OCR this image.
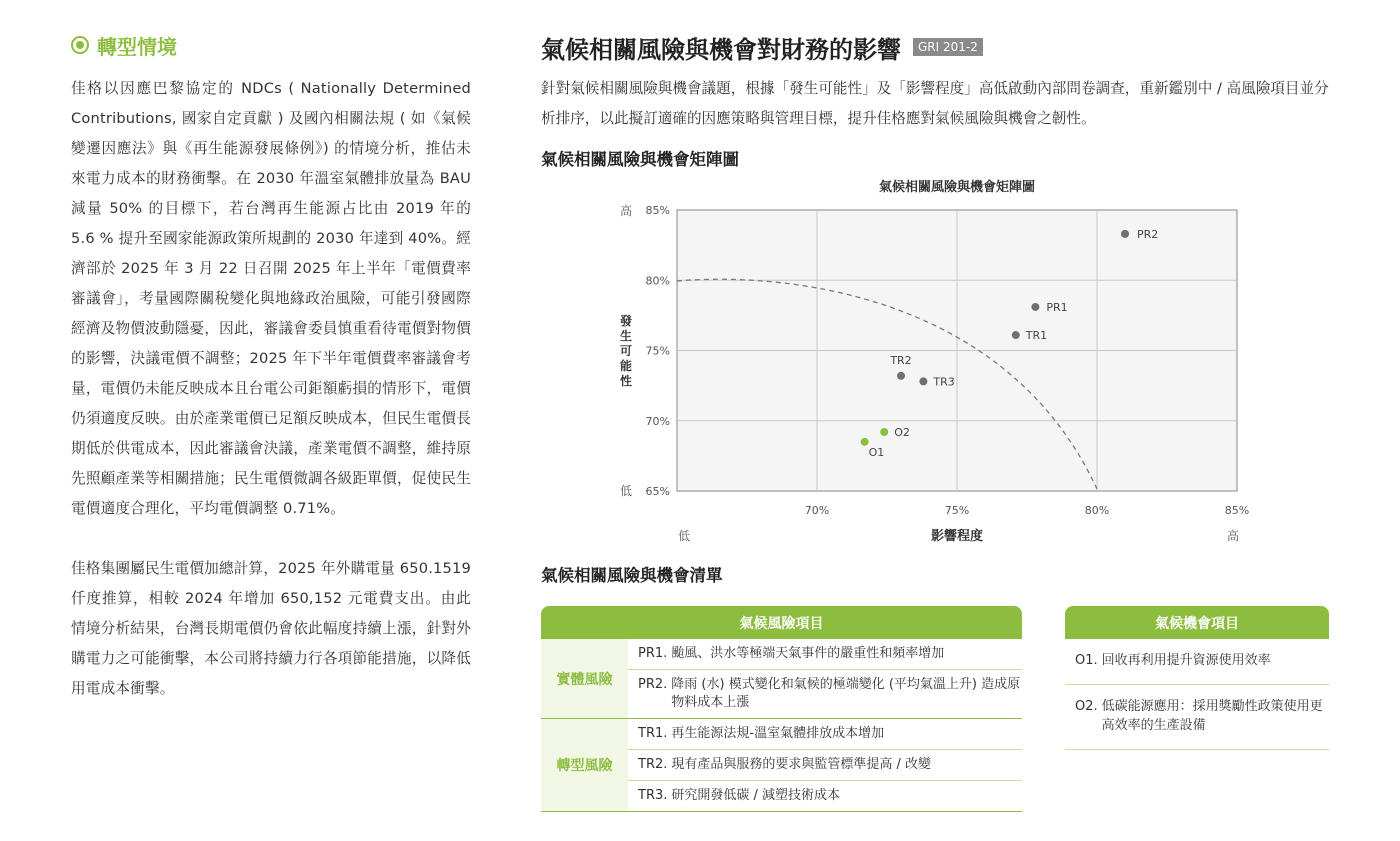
轉型情境

佳格以因應巴黎協定的 NDCs ( Nationally Determined Contributions, 國家自定貢獻 ) 及國內相關法規 ( 如《氣候變遷因應法》與《再生能源發展條例》) 的情境分析，推估未來電力成本的財務衝擊。在 2030 年溫室氣體排放量為 BAU 減量 50% 的目標下，若台灣再生能源占比由 2019 年的 5.6 % 提升至國家能源政策所規劃的 2030 年達到 40%。經濟部於 2025 年 3 月 22 日召開 2025 年上半年「電價費率審議會」，考量國際關稅變化與地緣政治風險，可能引發國際經濟及物價波動隱憂，因此，審議會委員慎重看待電價對物價的影響，決議電價不調整；2025 年下半年電價費率審議會考量，電價仍未能反映成本且台電公司鉅額虧損的情形下，電價仍須適度反映。由於產業電價已足額反映成本，但民生電價長期低於供電成本，因此審議會決議，產業電價不調整，維持原先照顧產業等相關措施；民生電價微調各級距單價，促使民生電價適度合理化，平均電價調整 0.71%。

佳格集團屬民生電價加總計算，2025 年外購電量 650.1519 仟度推算，相較 2024 年增加 650,152 元電費支出。由此情境分析結果，台灣長期電價仍會依此幅度持續上漲，針對外購電力之可能衝擊，本公司將持續力行各項節能措施，以降低用電成本衝擊。

氣候相關風險與機會對財務的影響	GRI 201-2

針對氣候相關風險與機會議題，根據「發生可能性」及「影響程度」高低啟動內部問卷調查，重新鑑別中 / 高風險項目並分析排序，以此擬訂適確的因應策略與管理目標，提升佳格應對氣候風險與機會之韌性。

氣候相關風險與機會矩陣圖
氣候相關風險與機會矩陣圖
70%	75%	80%	85%
65%
70%
75%
80%
85%
PR2
PR1
TR1
TR2
TR3
O2
O1
影響程度
低	高
高
低
發生可能性
氣候相關風險與機會清單
氣候風險項目
實體風險
PR1. 颱風、洪水等極端天氣事件的嚴重性和頻率增加
PR2. 降雨 (水) 模式變化和氣候的極端變化 (平均氣溫上升) 造成原物料成本上漲
轉型風險
TR1. 再生能源法規-溫室氣體排放成本增加
TR2. 現有產品與服務的要求與監管標準提高 / 改變
TR3. 研究開發低碳 / 減塑技術成本
氣候機會項目
O1. 回收再利用提升資源使用效率
O2. 低碳能源應用：採用獎勵性政策使用更高效率的生產設備
